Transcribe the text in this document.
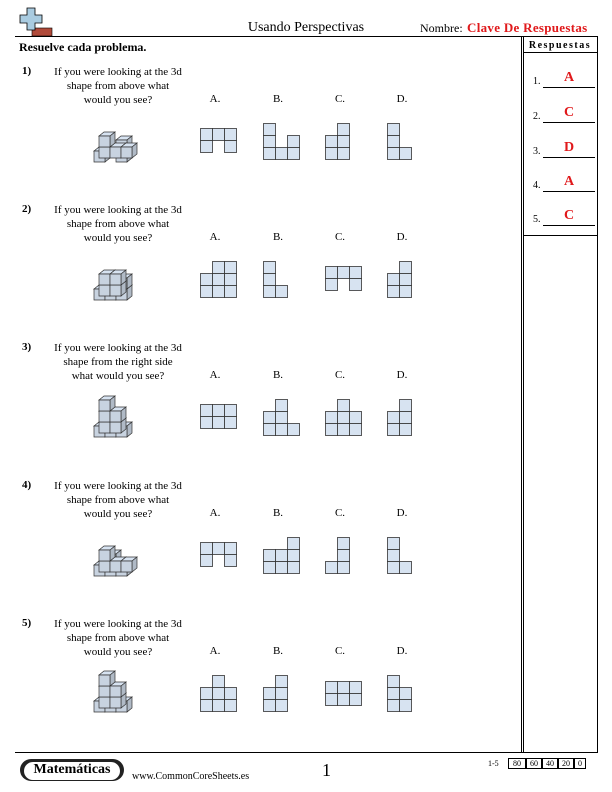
Usando Perspectivas	Nombre: Clave De Respuestas
Resuelve cada problema.	Respuestas
1.	A
2.	C
3.	D
4.	A
5.	C
1)	If you were looking at the 3d
shape from above what
would you see?	A.	B.	C.	D.
2)	If you were looking at the 3d
shape from above what
would you see?	A.	B.	C.	D.
3)	If you were looking at the 3d
shape from the right side
what would you see?	A.	B.	C.	D.
4)	If you were looking at the 3d
shape from above what
would you see?	A.	B.	C.	D.
5)	If you were looking at the 3d
shape from above what
would you see?	A.	B.	C.	D.
Matemáticas	www.CommonCoreSheets.es	1	1-5	80	60	40	20	0
